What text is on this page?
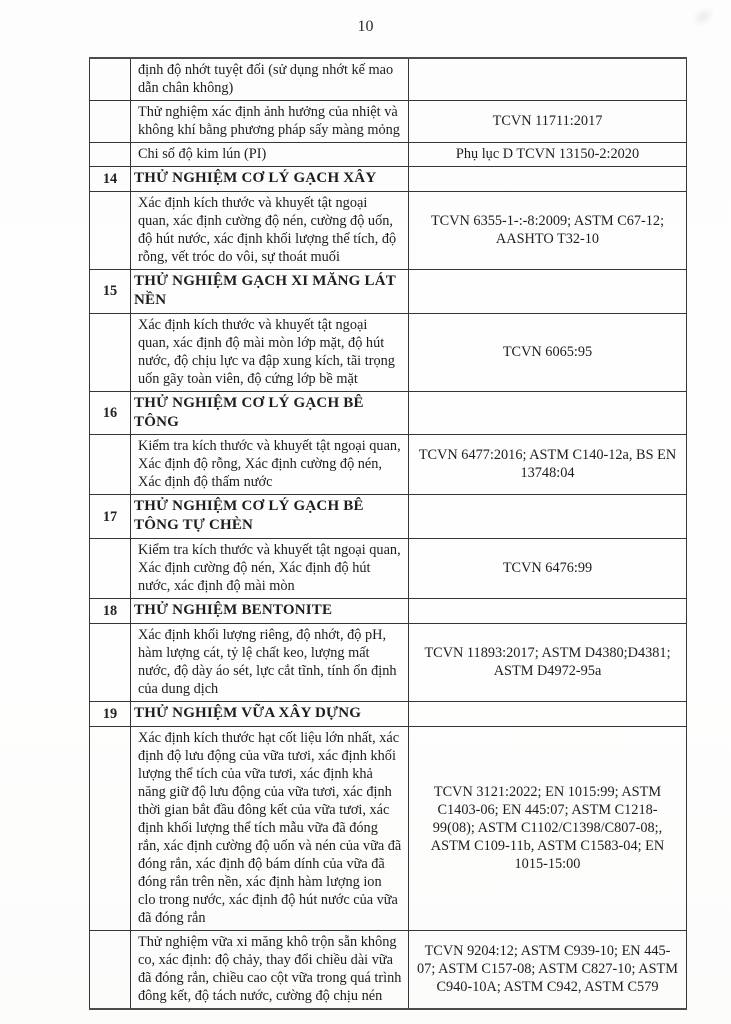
10
	định độ nhớt tuyệt đối (sử dụng nhớt kế mao dẫn chân không)	
	Thử nghiệm xác định ảnh hưởng của nhiệt và không khí bằng phương pháp sấy màng mỏng	TCVN 11711:2017
	Chi số độ kim lún (PI)	Phụ lục D TCVN 13150-2:2020
14	THỬ NGHIỆM CƠ LÝ GẠCH XÂY	
	Xác định kích thước và khuyết tật ngoại quan, xác định cường độ nén, cường độ uốn, độ hút nước, xác định khối lượng thể tích, độ rỗng, vết tróc do vôi, sự thoát muối	TCVN 6355-1-:-8:2009; ASTM C67-12; AASHTO T32-10
15	THỬ NGHIỆM GẠCH XI MĂNG LÁT NỀN	
	Xác định kích thước và khuyết tật ngoại quan, xác định độ mài mòn lớp mặt, độ hút nước, độ chịu lực va đập xung kích, tãi trọng uốn gãy toàn viên, độ cứng lớp bề mặt	TCVN 6065:95
16	THỬ NGHIỆM CƠ LÝ GẠCH BÊ TÔNG	
	Kiểm tra kích thước và khuyết tật ngoại quan, Xác định độ rỗng, Xác định cường độ nén, Xác định độ thấm nước	TCVN 6477:2016; ASTM C140-12a, BS EN 13748:04
17	THỬ NGHIỆM CƠ LÝ GẠCH BÊ TÔNG TỰ CHÈN	
	Kiểm tra kích thước và khuyết tật ngoại quan, Xác định cường độ nén, Xác định độ hút nước, xác định độ mài mòn	TCVN 6476:99
18	THỬ NGHIỆM BENTONITE	
	Xác định khối lượng riêng, độ nhớt, độ pH, hàm lượng cát, tỷ lệ chất keo, lượng mất nước, độ dày áo sét, lực cắt tĩnh, tính ổn định của dung dịch	TCVN 11893:2017; ASTM D4380;D4381; ASTM D4972-95a
19	THỬ NGHIỆM VỮA XÂY DỰNG	
	Xác định kích thước hạt cốt liệu lớn nhất, xác định độ lưu động của vữa tươi, xác định khối lượng thể tích của vữa tươi, xác định khả năng giữ độ lưu động của vữa tươi, xác định thời gian bắt đầu đông kết của vữa tươi, xác định khối lượng thể tích mẫu vữa đã đóng rắn, xác định cường độ uốn và nén của vữa đã đóng rắn, xác định độ bám dính của vữa đã đóng rắn trên nền, xác định hàm lượng ion clo trong nước, xác định độ hút nước của vữa đã đóng rắn	TCVN 3121:2022; EN 1015:99; ASTM C1403-06; EN 445:07; ASTM C1218-99(08); ASTM C1102/C1398/C807-08;, ASTM C109-11b, ASTM C1583-04; EN 1015-15:00
	Thử nghiệm vữa xi măng khô trộn sẵn không co, xác định: độ chảy, thay đổi chiều dài vữa đã đóng rắn, chiều cao cột vữa trong quá trình đông kết, độ tách nước, cường độ chịu nén	TCVN 9204:12; ASTM C939-10; EN 445-07; ASTM C157-08; ASTM C827-10; ASTM C940-10A; ASTM C942, ASTM C579
